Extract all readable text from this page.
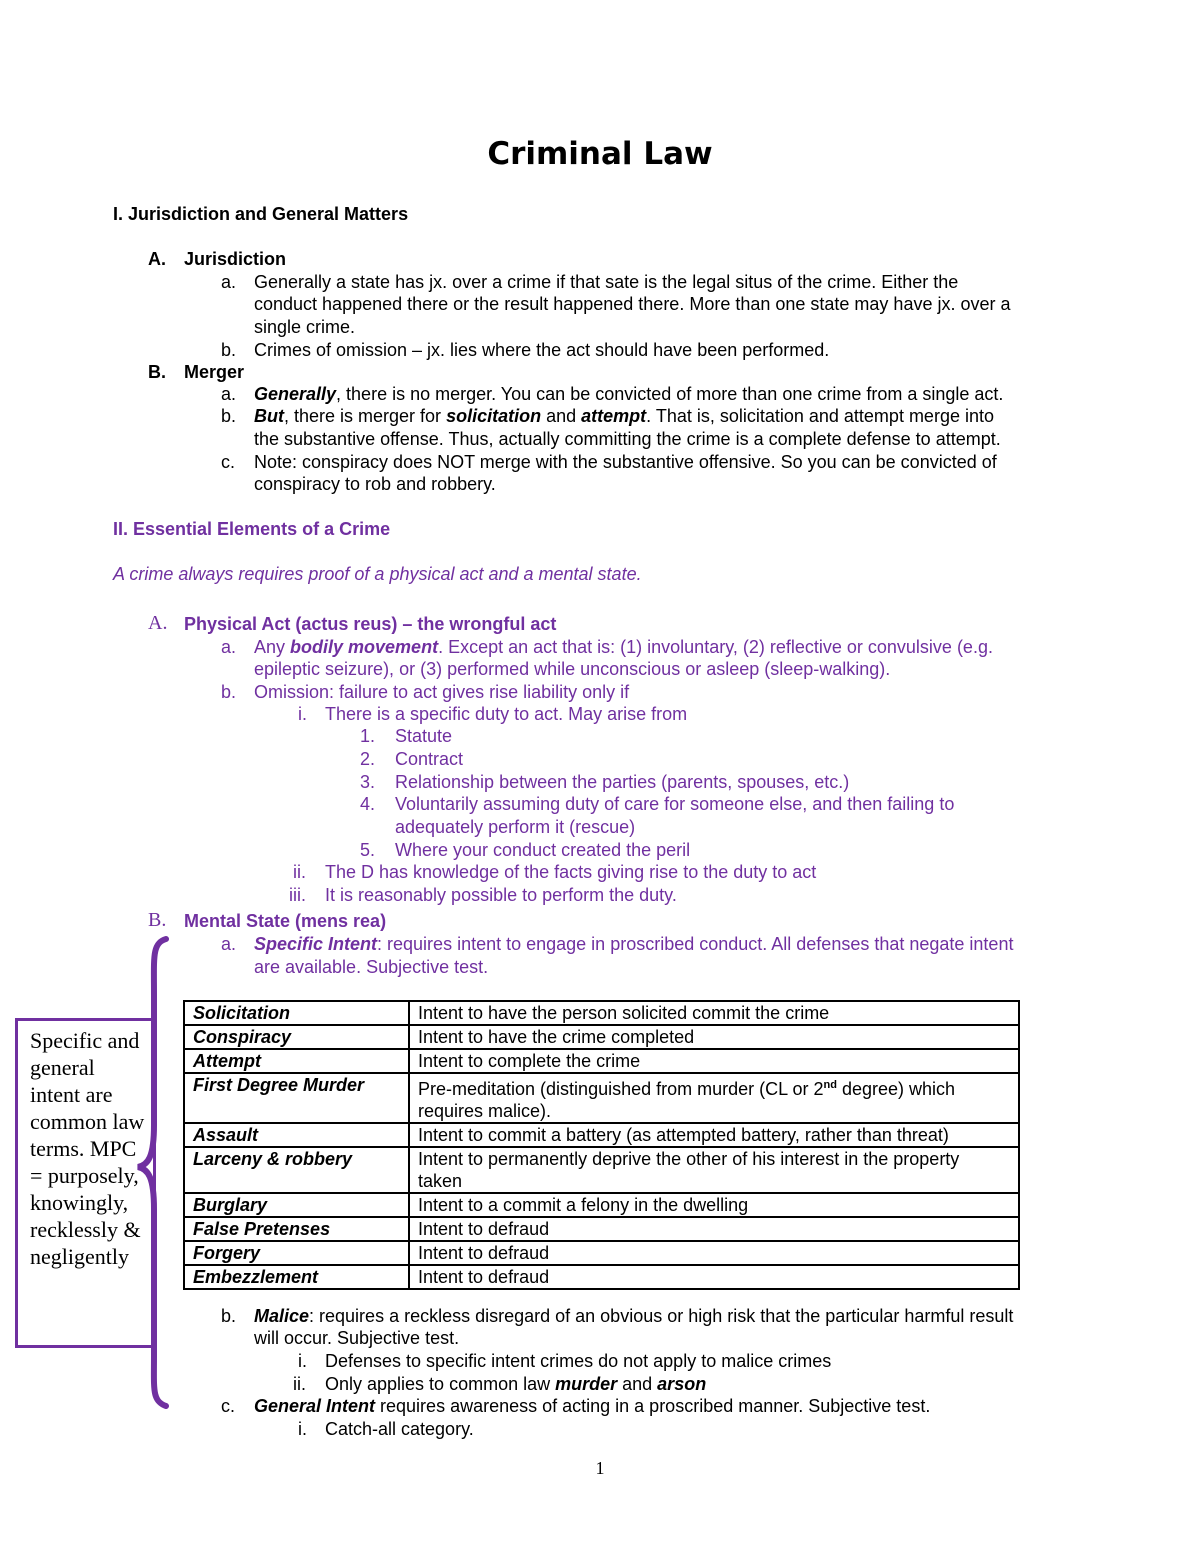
Criminal Law
I. Jurisdiction and General Matters
A. Jurisdiction
a. Generally a state has jx. over a crime if that sate is the legal situs of the crime. Either the
conduct happened there or the result happened there. More than one state may have jx. over a
single crime.
b. Crimes of omission – jx. lies where the act should have been performed.
B. Merger
a. Generally, there is no merger. You can be convicted of more than one crime from a single act.
b. But, there is merger for solicitation and attempt. That is, solicitation and attempt merge into
the substantive offense. Thus, actually committing the crime is a complete defense to attempt.
c. Note: conspiracy does NOT merge with the substantive offensive. So you can be convicted of
conspiracy to rob and robbery.
II. Essential Elements of a Crime
A crime always requires proof of a physical act and a mental state.
A. Physical Act (actus reus) – the wrongful act
a. Any bodily movement. Except an act that is: (1) involuntary, (2) reflective or convulsive (e.g.
epileptic seizure), or (3) performed while unconscious or asleep (sleep-walking).
b. Omission: failure to act gives rise liability only if
i. There is a specific duty to act. May arise from
1. Statute
2. Contract
3. Relationship between the parties (parents, spouses, etc.)
4. Voluntarily assuming duty of care for someone else, and then failing to
adequately perform it (rescue)
5. Where your conduct created the peril
ii. The D has knowledge of the facts giving rise to the duty to act
iii. It is reasonably possible to perform the duty.
B. Mental State (mens rea)
a. Specific Intent: requires intent to engage in proscribed conduct. All defenses that negate intent
are available. Subjective test.
Solicitation	Intent to have the person solicited commit the crime
Conspiracy	Intent to have the crime completed
Attempt	Intent to complete the crime
First Degree Murder	Pre-meditation (distinguished from murder (CL or 2nd degree) which
requires malice).
Assault	Intent to commit a battery (as attempted battery, rather than threat)
Larceny & robbery	Intent to permanently deprive the other of his interest in the property
taken
Burglary	Intent to a commit a felony in the dwelling
False Pretenses	Intent to defraud
Forgery	Intent to defraud
Embezzlement	Intent to defraud
b. Malice: requires a reckless disregard of an obvious or high risk that the particular harmful result
will occur. Subjective test.
i. Defenses to specific intent crimes do not apply to malice crimes
ii. Only applies to common law murder and arson
c. General Intent requires awareness of acting in a proscribed manner. Subjective test.
i. Catch-all category.
Specific and general intent are common law terms. MPC = purposely, knowingly, recklessly & negligently
1
